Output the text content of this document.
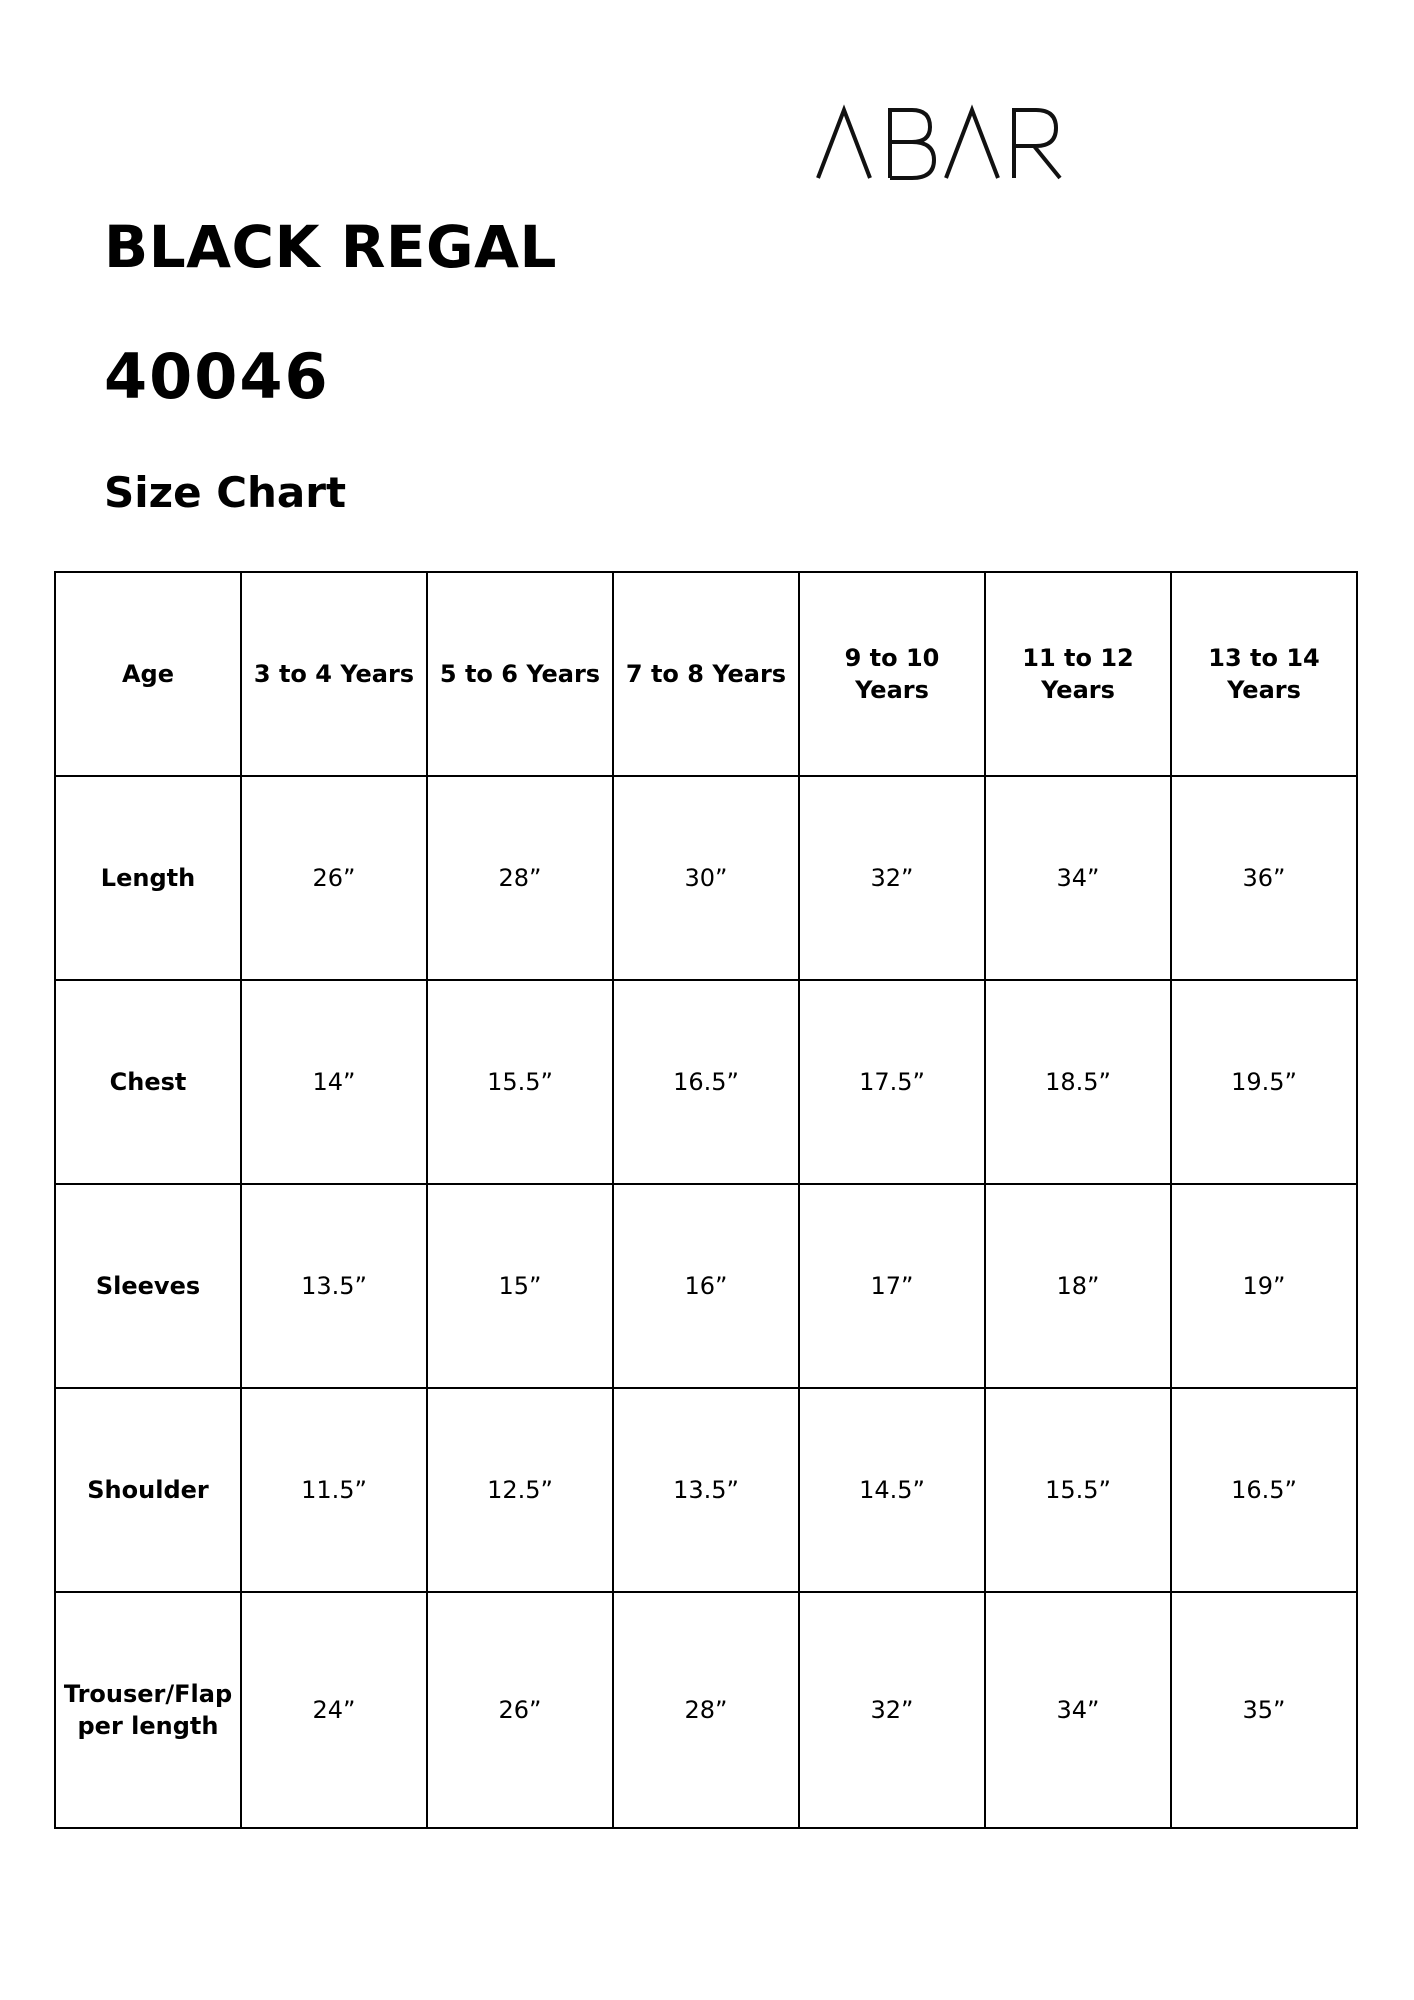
BLACK REGAL
40046
Size Chart
Age	3 to 4 Years	5 to 6 Years	7 to 8 Years	9 to 10 Years	11 to 12 Years	13 to 14 Years
Length	26”	28”	30”	32”	34”	36”
Chest	14”	15.5”	16.5”	17.5”	18.5”	19.5”
Sleeves	13.5”	15”	16”	17”	18”	19”
Shoulder	11.5”	12.5”	13.5”	14.5”	15.5”	16.5”
Trouser/Flap per length	24”	26”	28”	32”	34”	35”
